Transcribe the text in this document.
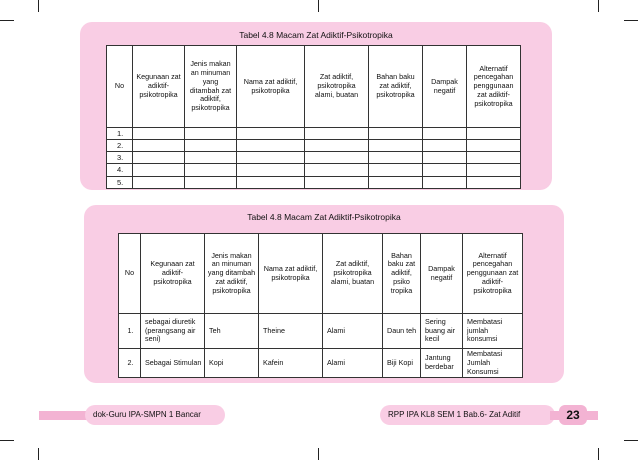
Tabel 4.8 Macam Zat Adiktif-Psikotropika
No	Kegunaan zat adiktif-psikotropika	Jenis makan an minuman yang ditambah zat adiktif, psikotropika	Nama zat adiktif, psikotropika	Zat adiktif, psikotropika alami, buatan	Bahan baku zat adiktif, psikotropika	Dampak negatif	Alternatif pencegahan penggunaan zat adiktif-psikotropika
1.							
2.							
3.							
4.							
5.							
Tabel 4.8 Macam Zat Adiktif-Psikotropika
No	Kegunaan zat adiktif-psikotropika	Jenis makan an minuman yang ditambah zat adiktif, psikotropika	Nama zat adiktif, psikotropika	Zat adiktif, psikotropika alami, buatan	Bahan baku zat adiktif, psiko tropika	Dampak negatif	Alternatif pencegahan penggunaan zat adiktif-psikotropika
1.	sebagai diuretik (perangsang air seni)	Teh	Theine	Alami	Daun teh	Sering buang air kecil	Membatasi jumlah konsumsi
2.	Sebagai Stimulan	Kopi	Kafein	Alami	Biji Kopi	Jantung berdebar	Membatasi Jumlah Konsumsi
dok-Guru IPA-SMPN 1 Bancar	RPP IPA KL8 SEM 1 Bab.6- Zat Aditif	23
